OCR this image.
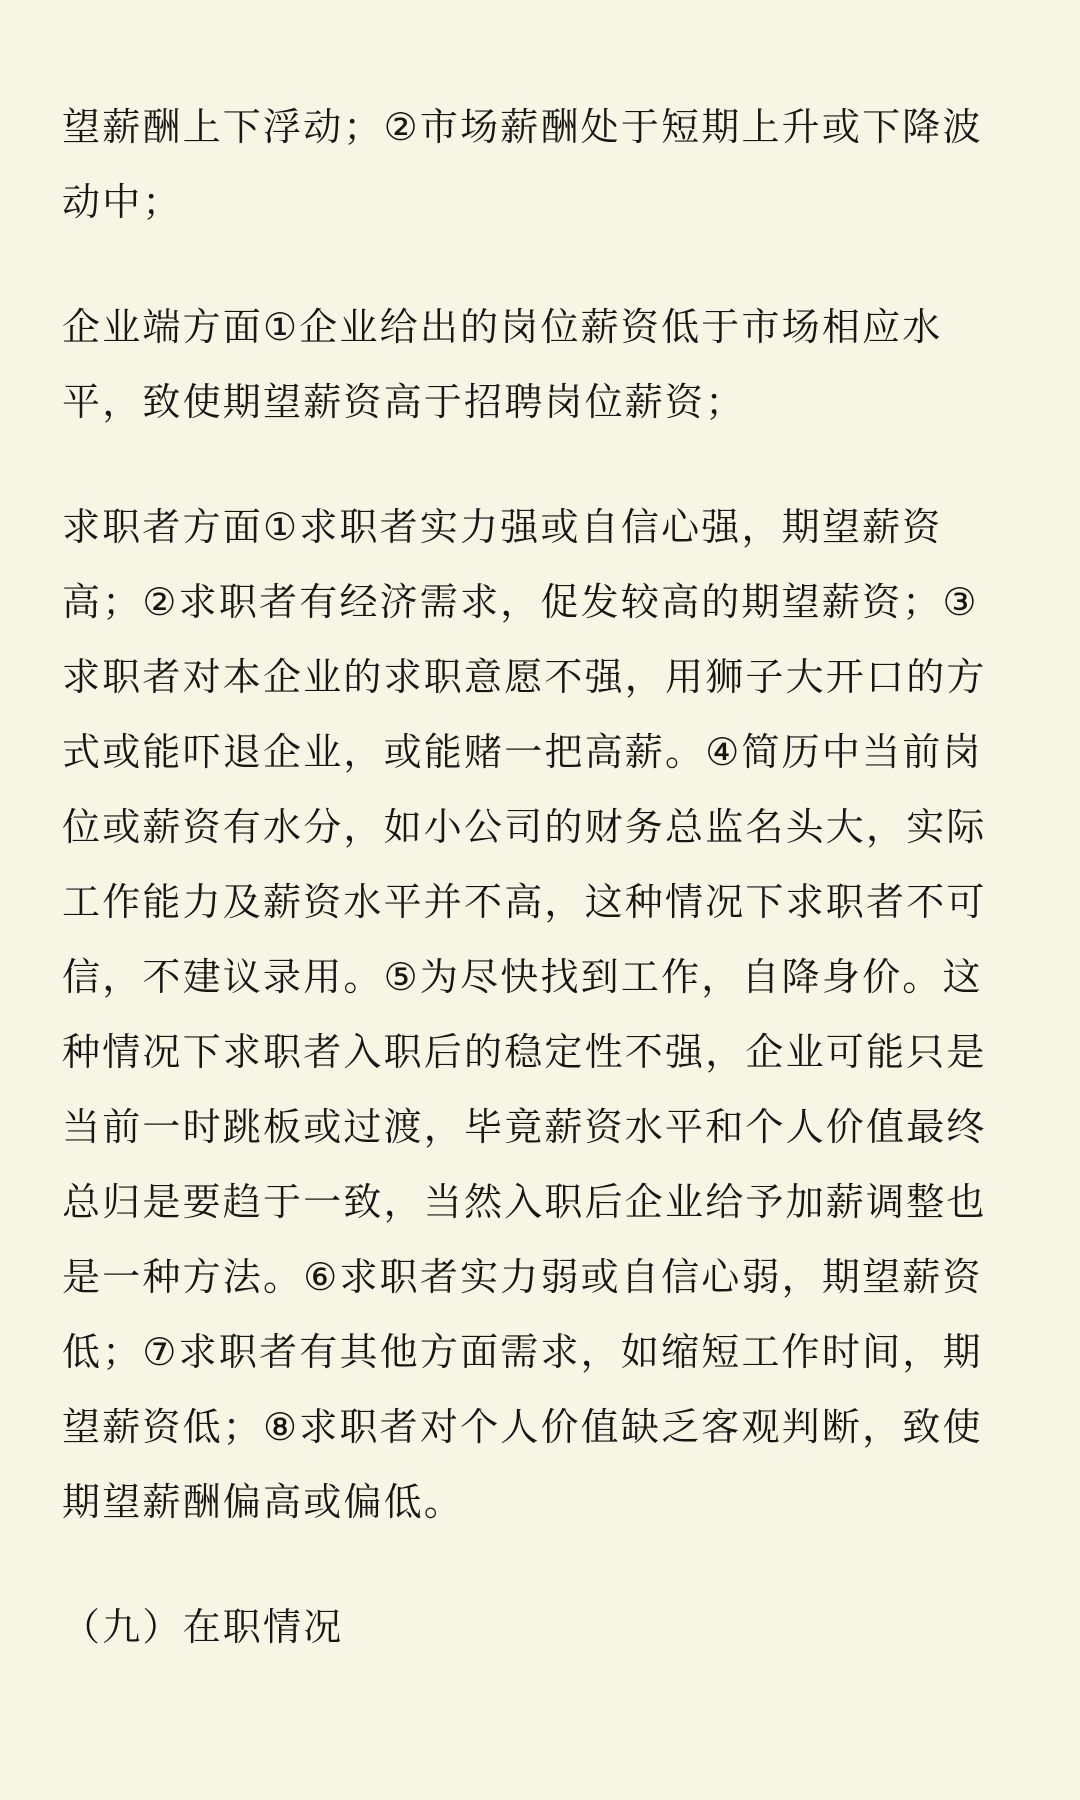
望薪酬上下浮动；②市场薪酬处于短期上升或下降波动中；

企业端方面①企业给出的岗位薪资低于市场相应水平，致使期望薪资高于招聘岗位薪资；

求职者方面①求职者实力强或自信心强，期望薪资高；②求职者有经济需求，促发较高的期望薪资；③求职者对本企业的求职意愿不强，用狮子大开口的方式或能吓退企业，或能赌一把高薪。④简历中当前岗位或薪资有水分，如小公司的财务总监名头大，实际工作能力及薪资水平并不高，这种情况下求职者不可信，不建议录用。⑤为尽快找到工作，自降身价。这种情况下求职者入职后的稳定性不强，企业可能只是当前一时跳板或过渡，毕竟薪资水平和个人价值最终总归是要趋于一致，当然入职后企业给予加薪调整也是一种方法。⑥求职者实力弱或自信心弱，期望薪资低；⑦求职者有其他方面需求，如缩短工作时间，期望薪资低；⑧求职者对个人价值缺乏客观判断，致使期望薪酬偏高或偏低。

（九）在职情况
